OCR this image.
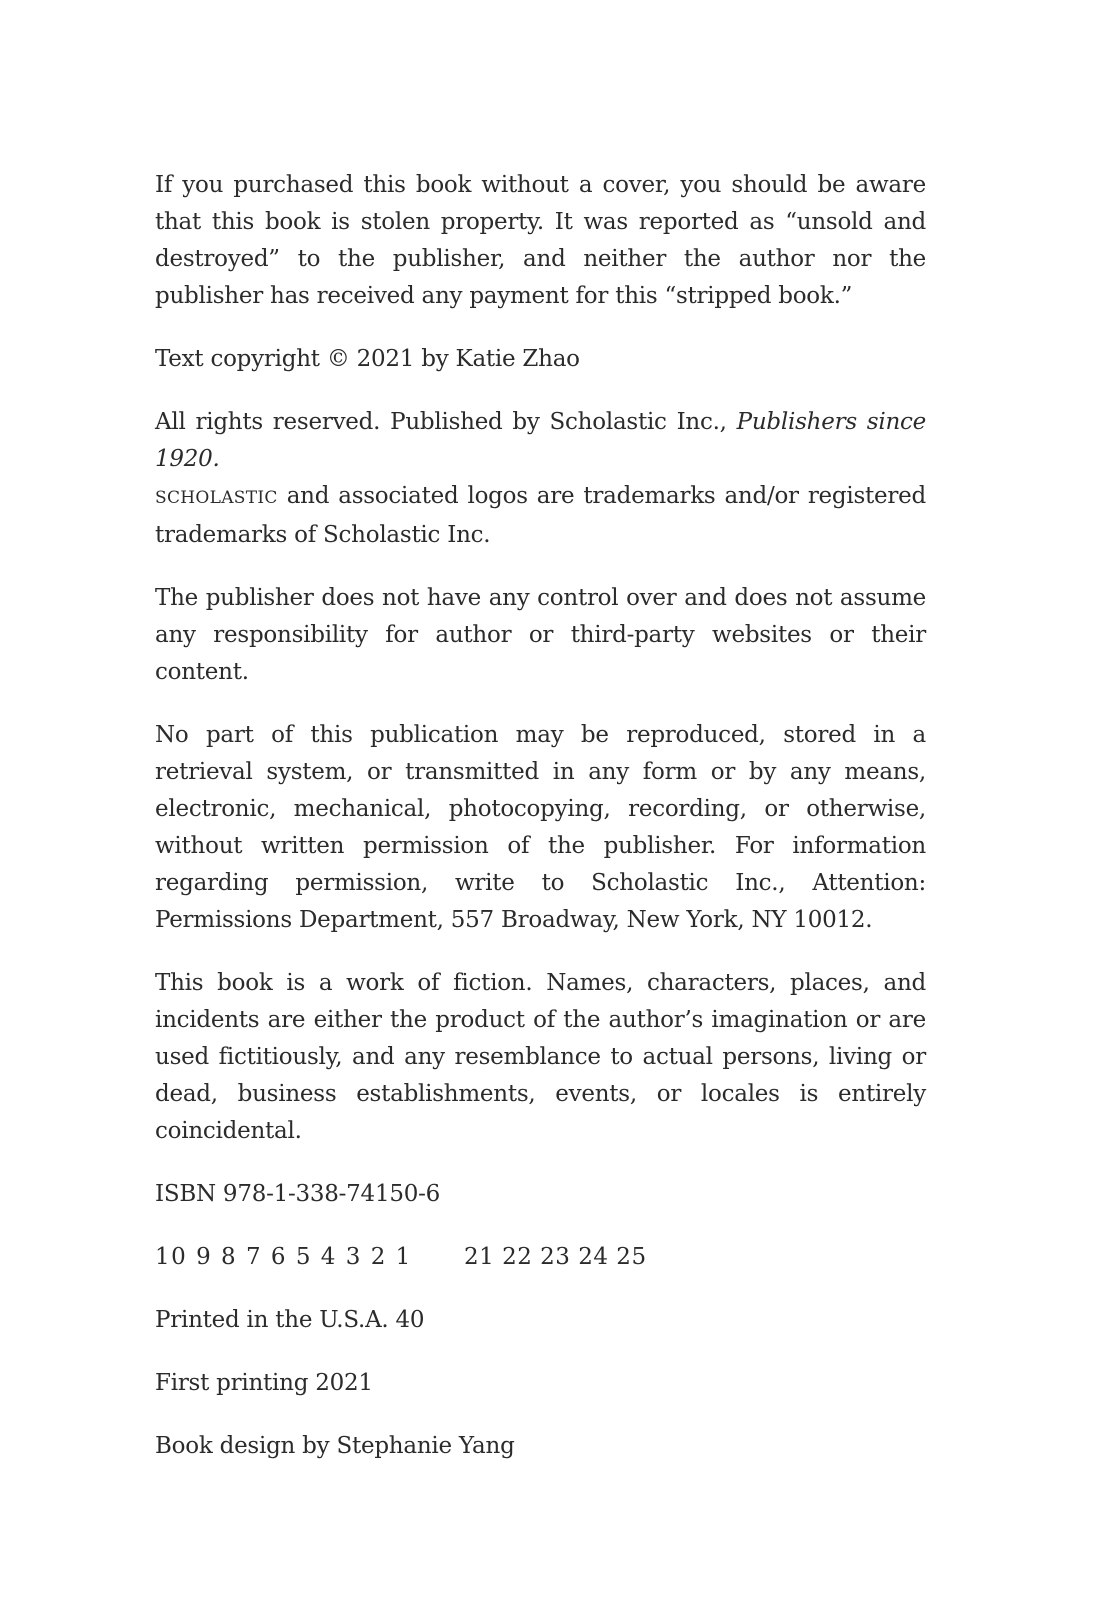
If you purchased this book without a cover, you should be aware that this book is stolen property. It was reported as “unsold and destroyed” to the publisher, and neither the author nor the publisher has received any payment for this “stripped book.”

Text copyright © 2021 by Katie Zhao

All rights reserved. Published by Scholastic Inc., Publishers since 1920.
SCHOLASTIC and associated logos are trademarks and/or registered trademarks of Scholastic Inc.

The publisher does not have any control over and does not assume any responsibility for author or third-party websites or their content.

No part of this publication may be reproduced, stored in a retrieval system, or transmitted in any form or by any means, electronic, mechanical, photocopying, recording, or otherwise, without written permission of the publisher. For information regarding permission, write to Scholastic Inc., Attention: Permissions Department, 557 Broadway, New York, NY 10012.

This book is a work of fiction. Names, characters, places, and incidents are either the product of the author’s imagination or are used fictitiously, and any resemblance to actual persons, living or dead, business establishments, events, or locales is entirely coincidental.

ISBN 978-1-338-74150-6

10 9 8 7 6 5 4 3 2 1 21 22 23 24 25

Printed in the U.S.A. 40

First printing 2021

Book design by Stephanie Yang
